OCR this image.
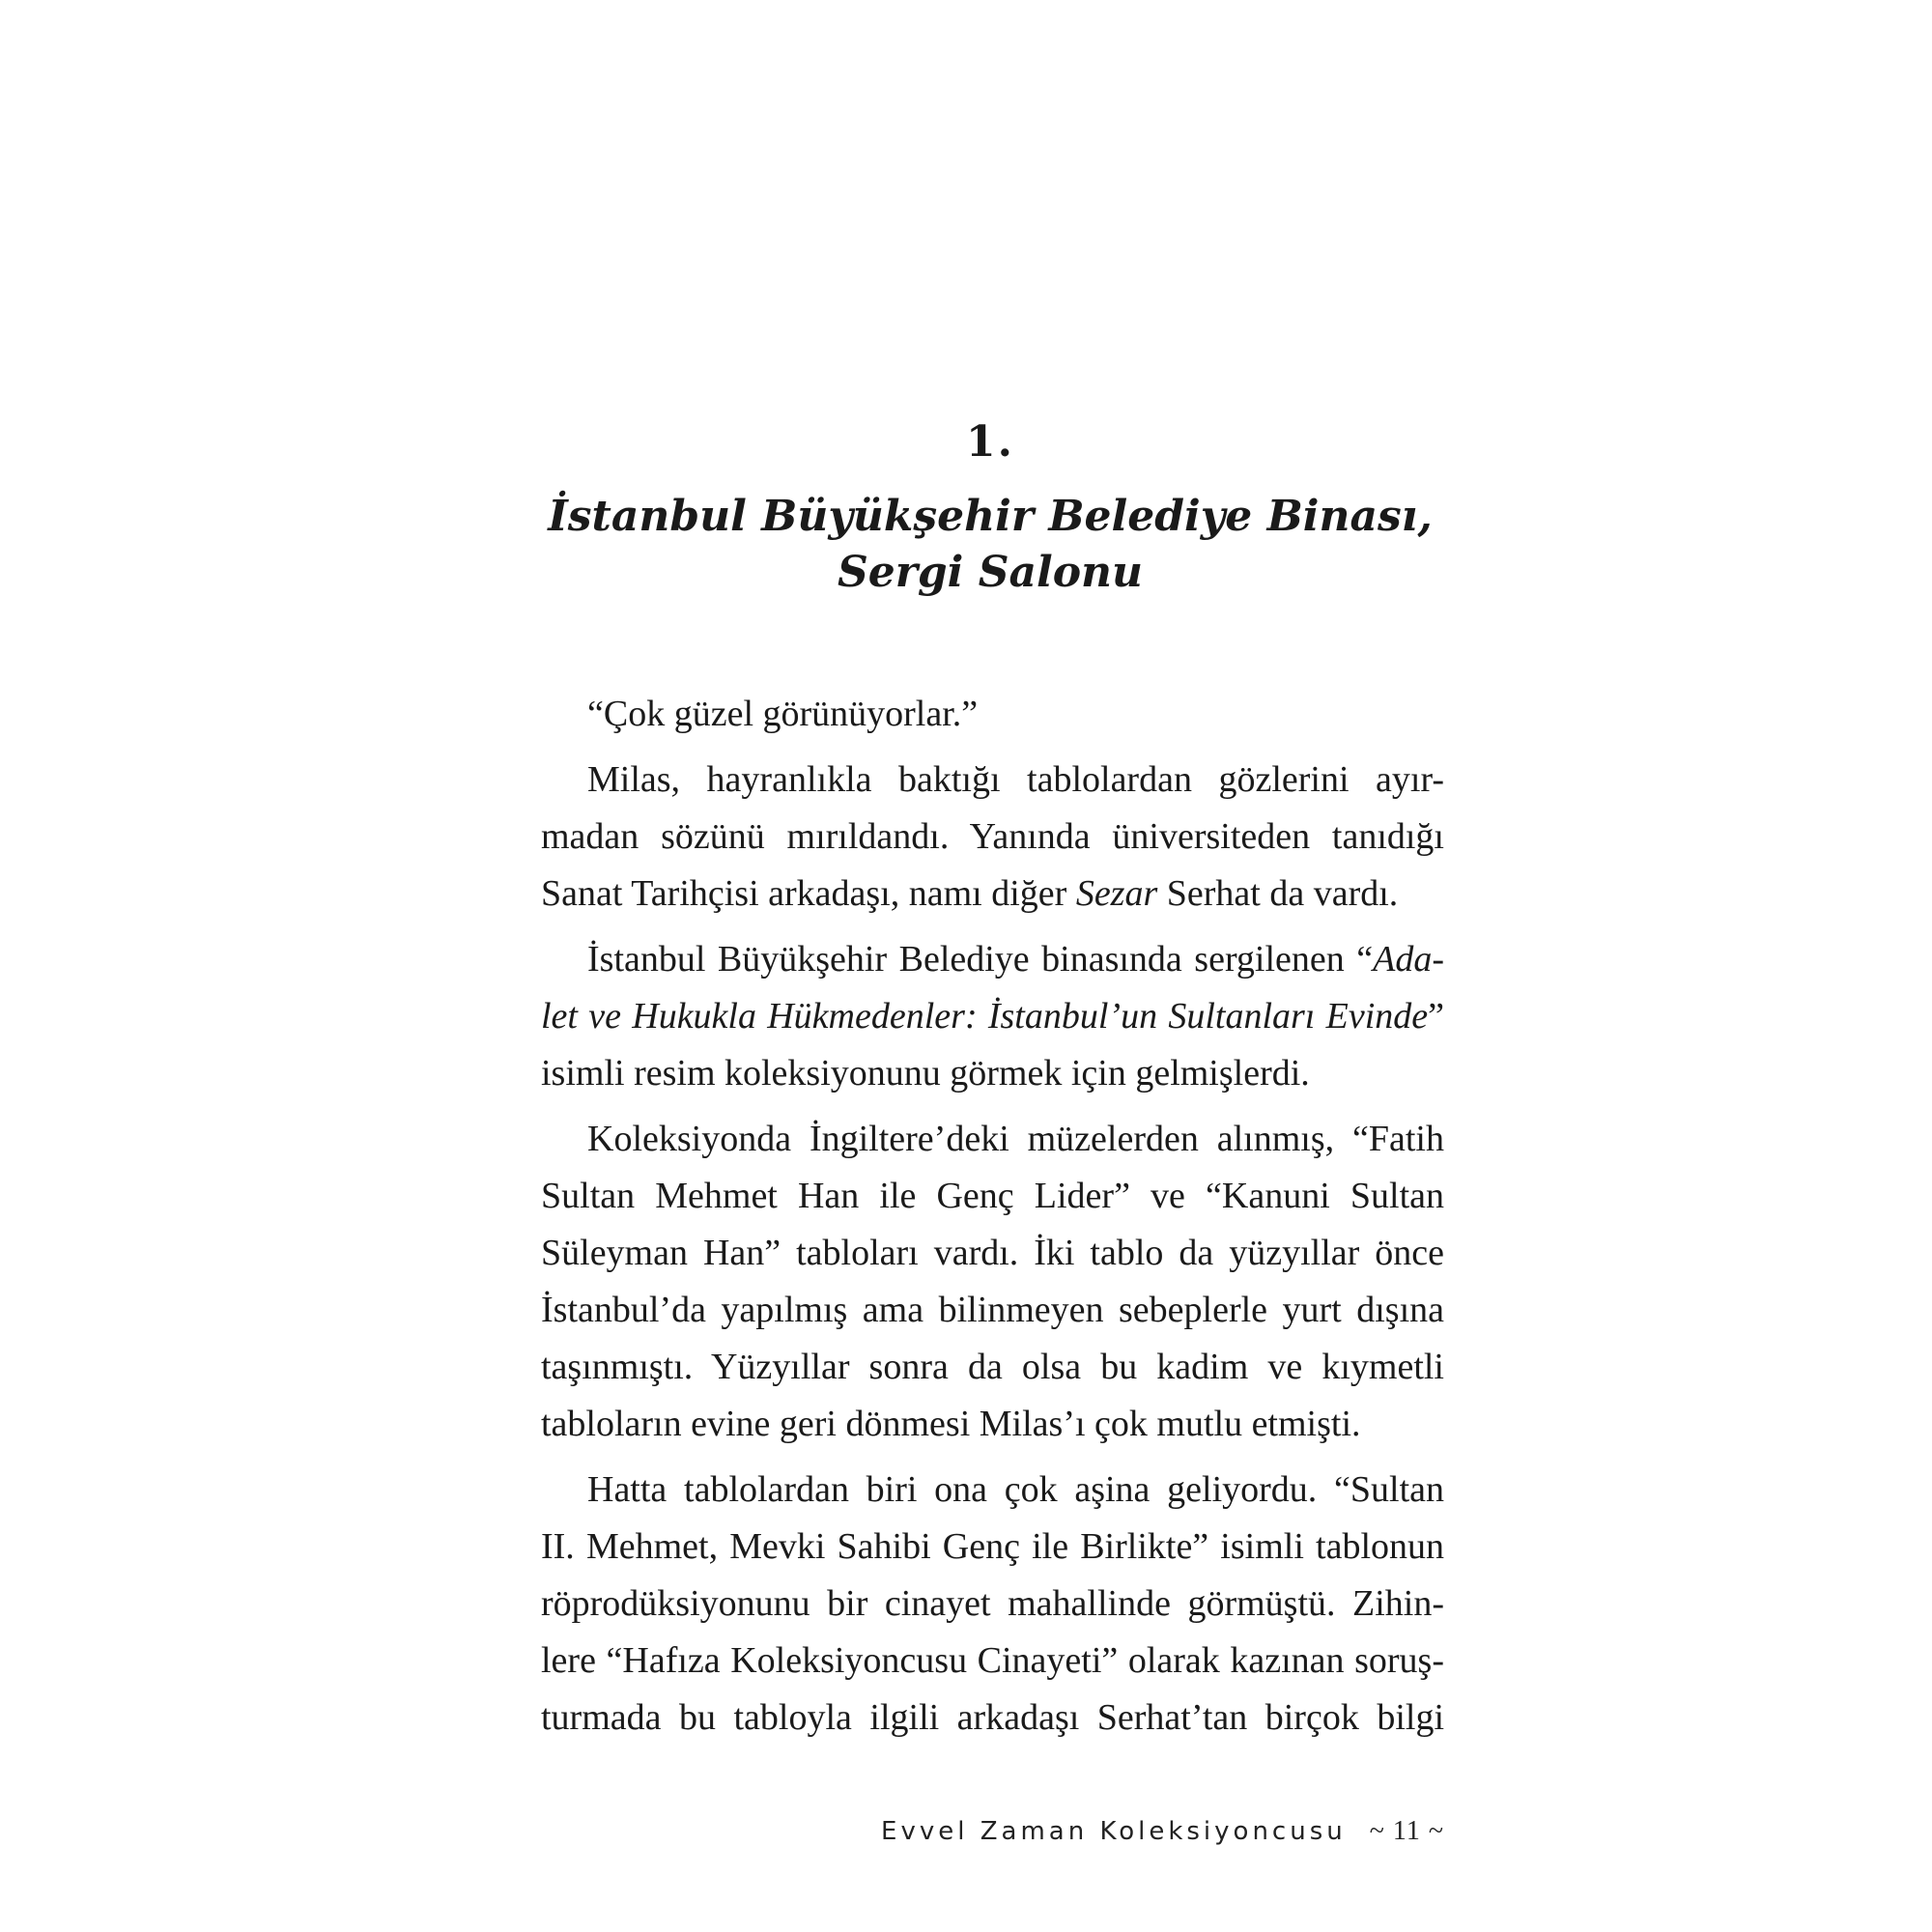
1.
İstanbul Büyükşehir Belediye Binası,
Sergi Salonu

“Çok güzel görünüyorlar.”

Milas, hayranlıkla baktığı tablolardan gözlerini ayır-
madan sözünü mırıldandı. Yanında üniversiteden tanıdığı
Sanat Tarihçisi arkadaşı, namı diğer Sezar Serhat da vardı.

İstanbul Büyükşehir Belediye binasında sergilenen “Ada-
let ve Hukukla Hükmedenler: İstanbul’un Sultanları Evinde”
isimli resim koleksiyonunu görmek için gelmişlerdi.

Koleksiyonda İngiltere’deki müzelerden alınmış, “Fatih
Sultan Mehmet Han ile Genç Lider” ve “Kanuni Sultan
Süleyman Han” tabloları vardı. İki tablo da yüzyıllar önce
İstanbul’da yapılmış ama bilinmeyen sebeplerle yurt dışına
taşınmıştı. Yüzyıllar sonra da olsa bu kadim ve kıymetli
tabloların evine geri dönmesi Milas’ı çok mutlu etmişti.

Hatta tablolardan biri ona çok aşina geliyordu. “Sultan
II. Mehmet, Mevki Sahibi Genç ile Birlikte” isimli tablonun
röprodüksiyonunu bir cinayet mahallinde görmüştü. Zihin-
lere “Hafıza Koleksiyoncusu Cinayeti” olarak kazınan soruş-
turmada bu tabloyla ilgili arkadaşı Serhat’tan birçok bilgi

Evvel Zaman Koleksiyoncusu ~ 11 ~
